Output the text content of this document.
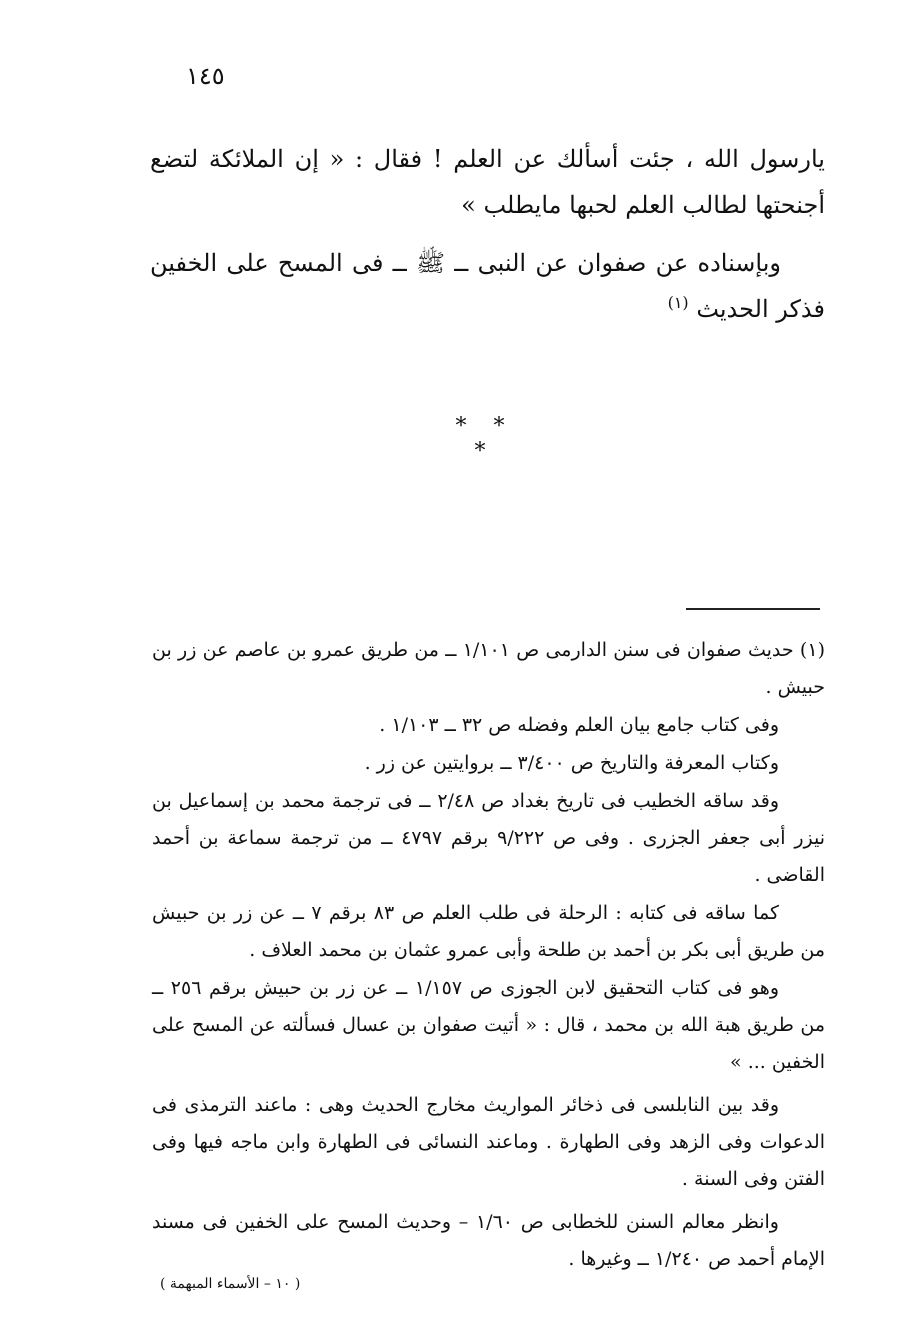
١٤٥

يارسول الله ، جئت أسألك عن العلم ! فقال : « إن الملائكة لتضع أجنحتها لطالب العلم لحبها مايطلب »

وبإسناده عن صفوان عن النبى ــ ﷺ ــ فى المسح على الخفين فذكر الحديث $^{(١)}$

* * *

(١) حديث صفوان فى سنن الدارمى ص ١/١٠١ ــ من طريق عمرو بن عاصم عن زر بن حبيش .

وفى كتاب جامع بيان العلم وفضله ص ٣٢ ــ ١/١٠٣ .

وكتاب المعرفة والتاريخ ص ٣/٤٠٠ ــ بروايتين عن زر .

وقد ساقه الخطيب فى تاريخ بغداد ص ٢/٤٨ ــ فى ترجمة محمد بن إسماعيل بن نيزر أبى جعفر الجزرى . وفى ص ٩/٢٢٢ برقم ٤٧٩٧ ــ من ترجمة سماعة بن أحمد القاضى .

كما ساقه فى كتابه : الرحلة فى طلب العلم ص ٨٣ برقم ٧ ــ عن زر بن حبيش من طريق أبى بكر بن أحمد بن طلحة وأبى عمرو عثمان بن محمد العلاف .

وهو فى كتاب التحقيق لابن الجوزى ص ١/١٥٧ ــ عن زر بن حبيش برقم ٢٥٦ ــ من طريق هبة الله بن محمد ، قال : « أتيت صفوان بن عسال فسألته عن المسح على الخفين ... »

وقد بين النابلسى فى ذخائر المواريث مخارج الحديث وهى : ماعند الترمذى فى الدعوات وفى الزهد وفى الطهارة . وماعند النسائى فى الطهارة وابن ماجه فيها وفى الفتن وفى السنة .

وانظر معالم السنن للخطابى ص ١/٦٠ – وحديث المسح على الخفين فى مسند الإمام أحمد ص ١/٢٤٠ ــ وغيرها .

( ١٠ – الأسماء المبهمة )
